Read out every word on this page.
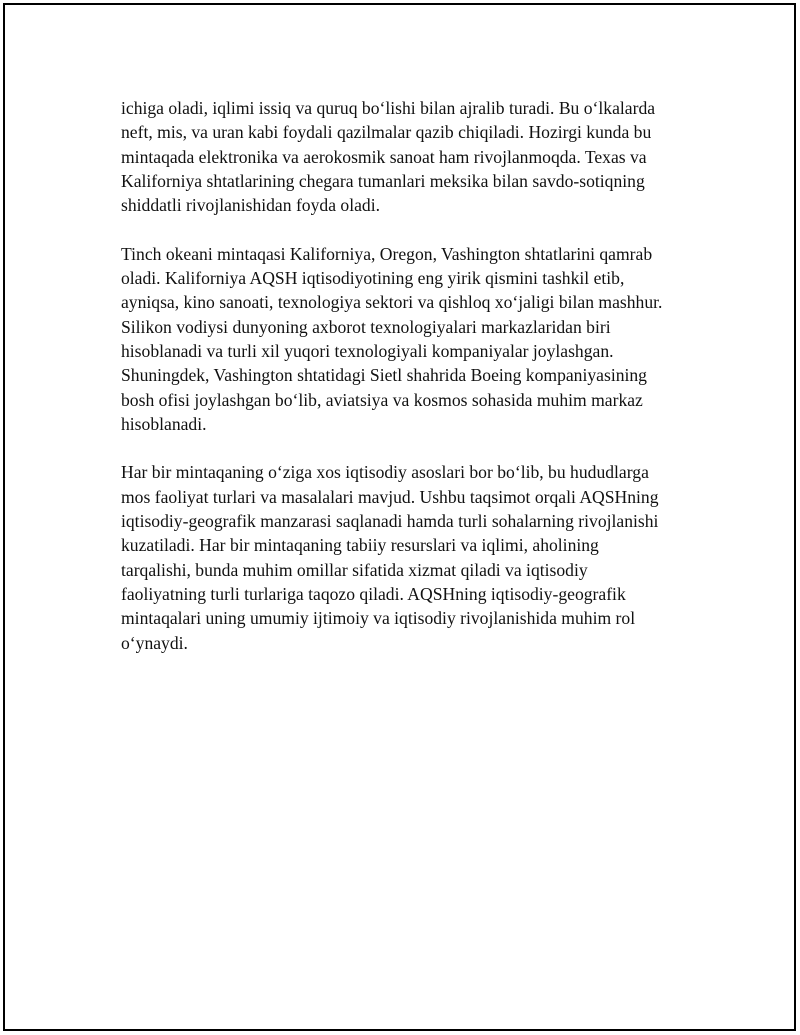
ichiga oladi, iqlimi issiq va quruq bo‘lishi bilan ajralib turadi. Bu o‘lkalarda
neft, mis, va uran kabi foydali qazilmalar qazib chiqiladi. Hozirgi kunda bu
mintaqada elektronika va aerokosmik sanoat ham rivojlanmoqda. Texas va
Kaliforniya shtatlarining chegara tumanlari meksika bilan savdo-sotiqning
shiddatli rivojlanishidan foyda oladi.

Tinch okeani mintaqasi Kaliforniya, Oregon, Vashington shtatlarini qamrab
oladi. Kaliforniya AQSH iqtisodiyotining eng yirik qismini tashkil etib,
ayniqsa, kino sanoati, texnologiya sektori va qishloq xo‘jaligi bilan mashhur.
Silikon vodiysi dunyoning axborot texnologiyalari markazlaridan biri
hisoblanadi va turli xil yuqori texnologiyali kompaniyalar joylashgan.
Shuningdek, Vashington shtatidagi Sietl shahrida Boeing kompaniyasining
bosh ofisi joylashgan bo‘lib, aviatsiya va kosmos sohasida muhim markaz
hisoblanadi.

Har bir mintaqaning o‘ziga xos iqtisodiy asoslari bor bo‘lib, bu hududlarga
mos faoliyat turlari va masalalari mavjud. Ushbu taqsimot orqali AQSHning
iqtisodiy-geografik manzarasi saqlanadi hamda turli sohalarning rivojlanishi
kuzatiladi. Har bir mintaqaning tabiiy resurslari va iqlimi, aholining
tarqalishi, bunda muhim omillar sifatida xizmat qiladi va iqtisodiy
faoliyatning turli turlariga taqozo qiladi. AQSHning iqtisodiy-geografik
mintaqalari uning umumiy ijtimoiy va iqtisodiy rivojlanishida muhim rol
o‘ynaydi.
